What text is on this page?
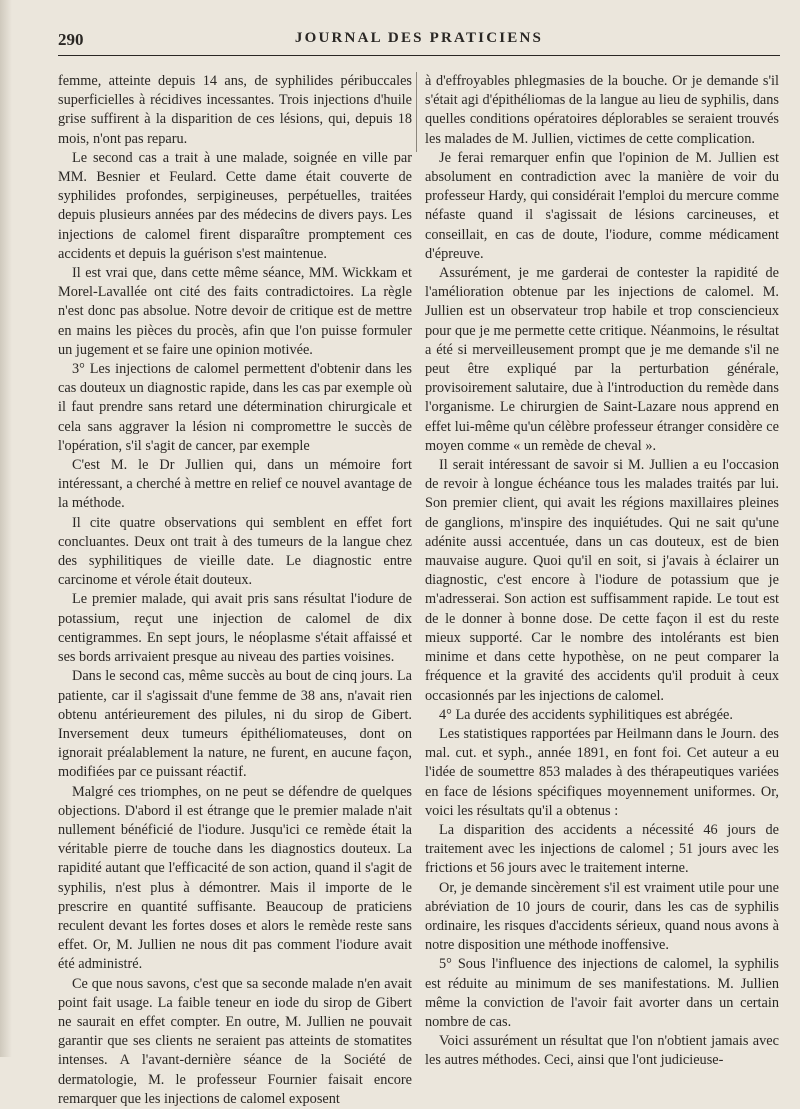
290	JOURNAL DES PRATICIENS

femme, atteinte depuis 14 ans, de syphilides péribuccales superficielles à récidives incessantes. Trois injections d'huile grise suffirent à la disparition de ces lésions, qui, depuis 18 mois, n'ont pas reparu.

Le second cas a trait à une malade, soignée en ville par MM. Besnier et Feulard. Cette dame était couverte de syphilides profondes, serpigineuses, perpétuelles, traitées depuis plusieurs années par des médecins de divers pays. Les injections de calomel firent disparaître promptement ces accidents et depuis la guérison s'est maintenue.

Il est vrai que, dans cette même séance, MM. Wickkam et Morel-Lavallée ont cité des faits contradictoires. La règle n'est donc pas absolue. Notre devoir de critique est de mettre en mains les pièces du procès, afin que l'on puisse formuler un jugement et se faire une opinion motivée.

3° Les injections de calomel permettent d'obtenir dans les cas douteux un diagnostic rapide, dans les cas par exemple où il faut prendre sans retard une détermination chirurgicale et cela sans aggraver la lésion ni compromettre le succès de l'opération, s'il s'agit de cancer, par exemple

C'est M. le Dr Jullien qui, dans un mémoire fort intéressant, a cherché à mettre en relief ce nouvel avantage de la méthode.

Il cite quatre observations qui semblent en effet fort concluantes. Deux ont trait à des tumeurs de la langue chez des syphilitiques de vieille date. Le diagnostic entre carcinome et vérole était douteux.

Le premier malade, qui avait pris sans résultat l'iodure de potassium, reçut une injection de calomel de dix centigrammes. En sept jours, le néoplasme s'était affaissé et ses bords arrivaient presque au niveau des parties voisines.

Dans le second cas, même succès au bout de cinq jours. La patiente, car il s'agissait d'une femme de 38 ans, n'avait rien obtenu antérieurement des pilules, ni du sirop de Gibert. Inversement deux tumeurs épithéliomateuses, dont on ignorait préalablement la nature, ne furent, en aucune façon, modifiées par ce puissant réactif.

Malgré ces triomphes, on ne peut se défendre de quelques objections. D'abord il est étrange que le premier malade n'ait nullement bénéficié de l'iodure. Jusqu'ici ce remède était la véritable pierre de touche dans les diagnostics douteux. La rapidité autant que l'efficacité de son action, quand il s'agit de syphilis, n'est plus à démontrer. Mais il importe de le prescrire en quantité suffisante. Beaucoup de praticiens reculent devant les fortes doses et alors le remède reste sans effet. Or, M. Jullien ne nous dit pas comment l'iodure avait été administré.

Ce que nous savons, c'est que sa seconde malade n'en avait point fait usage. La faible teneur en iode du sirop de Gibert ne saurait en effet compter. En outre, M. Jullien ne pouvait garantir que ses clients ne seraient pas atteints de stomatites intenses. A l'avant-dernière séance de la Société de dermatologie, M. le professeur Fournier faisait encore remarquer que les injections de calomel exposent

à d'effroyables phlegmasies de la bouche. Or je demande s'il s'était agi d'épithéliomas de la langue au lieu de syphilis, dans quelles conditions opératoires déplorables se seraient trouvés les malades de M. Jullien, victimes de cette complication.

Je ferai remarquer enfin que l'opinion de M. Jullien est absolument en contradiction avec la manière de voir du professeur Hardy, qui considérait l'emploi du mercure comme néfaste quand il s'agissait de lésions carcineuses, et conseillait, en cas de doute, l'iodure, comme médicament d'épreuve.

Assurément, je me garderai de contester la rapidité de l'amélioration obtenue par les injections de calomel. M. Jullien est un observateur trop habile et trop consciencieux pour que je me permette cette critique. Néanmoins, le résultat a été si merveilleusement prompt que je me demande s'il ne peut être expliqué par la perturbation générale, provisoirement salutaire, due à l'introduction du remède dans l'organisme. Le chirurgien de Saint-Lazare nous apprend en effet lui-même qu'un célèbre professeur étranger considère ce moyen comme « un remède de cheval ».

Il serait intéressant de savoir si M. Jullien a eu l'occasion de revoir à longue échéance tous les malades traités par lui. Son premier client, qui avait les régions maxillaires pleines de ganglions, m'inspire des inquiétudes. Qui ne sait qu'une adénite aussi accentuée, dans un cas douteux, est de bien mauvaise augure. Quoi qu'il en soit, si j'avais à éclairer un diagnostic, c'est encore à l'iodure de potassium que je m'adresserai. Son action est suffisamment rapide. Le tout est de le donner à bonne dose. De cette façon il est du reste mieux supporté. Car le nombre des intolérants est bien minime et dans cette hypothèse, on ne peut comparer la fréquence et la gravité des accidents qu'il produit à ceux occasionnés par les injections de calomel.

4° La durée des accidents syphilitiques est abrégée.

Les statistiques rapportées par Heilmann dans le Journ. des mal. cut. et syph., année 1891, en font foi. Cet auteur a eu l'idée de soumettre 853 malades à des thérapeutiques variées en face de lésions spécifiques moyennement uniformes. Or, voici les résultats qu'il a obtenus :

La disparition des accidents a nécessité 46 jours de traitement avec les injections de calomel ; 51 jours avec les frictions et 56 jours avec le traitement interne.

Or, je demande sincèrement s'il est vraiment utile pour une abréviation de 10 jours de courir, dans les cas de syphilis ordinaire, les risques d'accidents sérieux, quand nous avons à notre disposition une méthode inoffensive.

5° Sous l'influence des injections de calomel, la syphilis est réduite au minimum de ses manifestations. M. Jullien même la conviction de l'avoir fait avorter dans un certain nombre de cas.

Voici assurément un résultat que l'on n'obtient jamais avec les autres méthodes. Ceci, ainsi que l'ont judicieuse-
